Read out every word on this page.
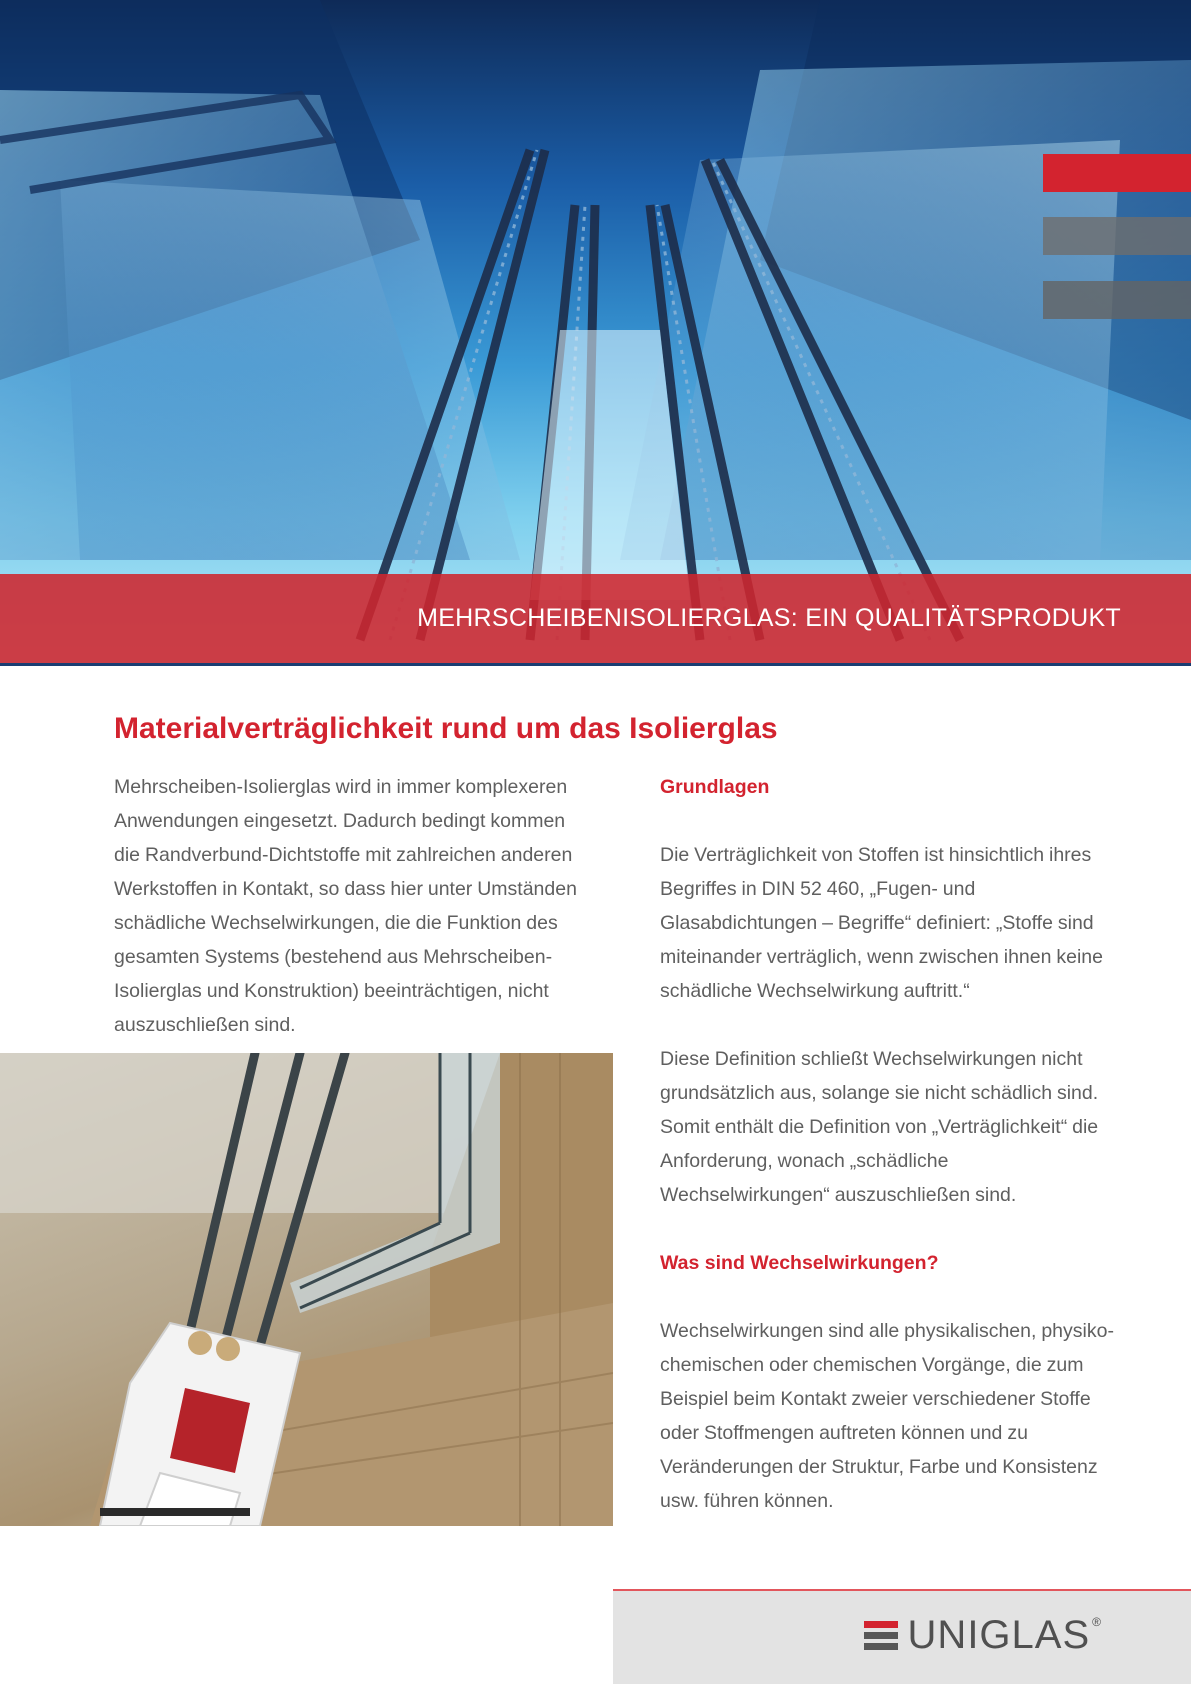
MEHRSCHEIBENISOLIERGLAS: EIN QUALITÄTSPRODUKT
Materialverträglichkeit rund um das Isolierglas

Mehrscheiben-Isolierglas wird in immer komplexeren Anwendungen eingesetzt. Dadurch bedingt kommen die Randverbund-Dichtstoffe mit zahlreichen anderen Werkstoffen in Kontakt, so dass hier unter Umständen schädliche Wechselwirkungen, die die Funktion des gesamten Systems (bestehend aus Mehrscheiben-Isolierglas und Konstruktion) beeinträchtigen, nicht auszuschließen sind.

Grundlagen

Die Verträglichkeit von Stoffen ist hinsichtlich ihres Begriffes in DIN 52 460, „Fugen- und Glasabdichtungen – Begriffe“ definiert: „Stoffe sind miteinander verträglich, wenn zwischen ihnen keine schädliche Wechselwirkung auftritt.“

Diese Definition schließt Wechselwirkungen nicht grundsätzlich aus, solange sie nicht schädlich sind. Somit enthält die Definition von „Verträglichkeit“ die Anforderung, wonach „schädliche Wechselwirkungen“ auszuschließen sind.

Was sind Wechselwirkungen?

Wechselwirkungen sind alle physikalischen, physiko-chemischen oder chemischen Vorgänge, die zum Beispiel beim Kontakt zweier verschiedener Stoffe oder Stoffmengen auftreten können und zu Veränderungen der Struktur, Farbe und Konsistenz usw. führen können.

UNIGLAS ®
